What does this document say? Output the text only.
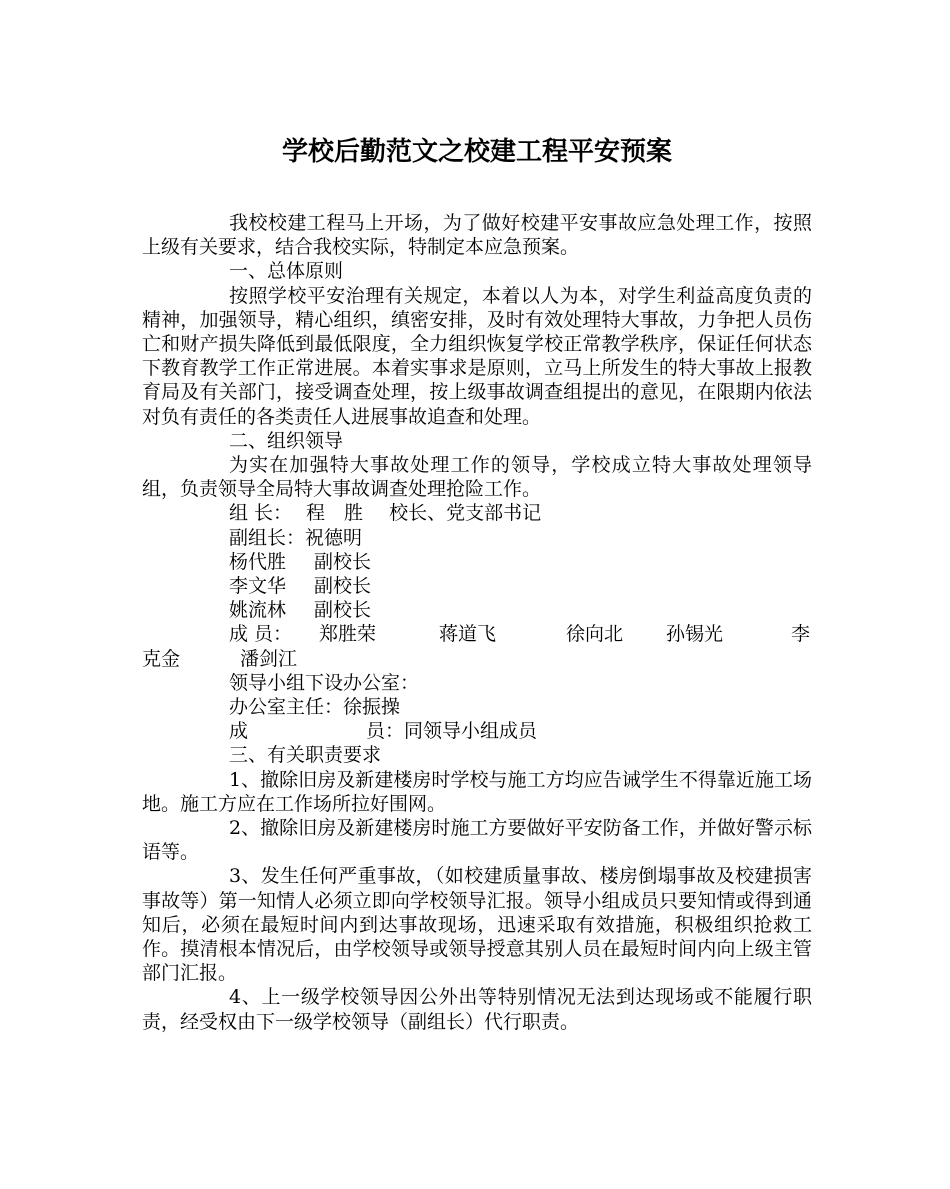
学校后勤范文之校建工程平安预案

我校校建工程马上开场，为了做好校建平安事故应急处理工作，按照上级有关要求，结合我校实际，特制定本应急预案。

一、总体原则

按照学校平安治理有关规定，本着以人为本，对学生利益高度负责的精神，加强领导，精心组织，缜密安排，及时有效处理特大事故，力争把人员伤亡和财产损失降低到最低限度，全力组织恢复学校正常教学秩序，保证任何状态下教育教学工作正常进展。本着实事求是原则，立马上所发生的特大事故上报教育局及有关部门，接受调查处理，按上级事故调查组提出的意见，在限期内依法对负有责任的各类责任人进展事故追查和处理。

二、组织领导

为实在加强特大事故处理工作的领导，学校成立特大事故处理领导组，负责领导全局特大事故调查处理抢险工作。

组 长： 程　胜 校长、党支部书记

副组长：祝德明

杨代胜 副校长

李文华 副校长

姚流林 副校长

成 员： 郑胜荣	蒋道飞	徐向北 孙锡光	李
克金	潘剑江

领导小组下设办公室：

办公室主任：徐振操

成	员：同领导小组成员

三、有关职责要求

1、撤除旧房及新建楼房时学校与施工方均应告诫学生不得靠近施工场地。施工方应在工作场所拉好围网。

2、撤除旧房及新建楼房时施工方要做好平安防备工作，并做好警示标语等。

3、发生任何严重事故，（如校建质量事故、楼房倒塌事故及校建损害事故等）第一知情人必须立即向学校领导汇报。领导小组成员只要知情或得到通知后，必须在最短时间内到达事故现场，迅速采取有效措施，积极组织抢救工作。摸清根本情况后，由学校领导或领导授意其别人员在最短时间内向上级主管部门汇报。

4、上一级学校领导因公外出等特别情况无法到达现场或不能履行职责，经受权由下一级学校领导（副组长）代行职责。
